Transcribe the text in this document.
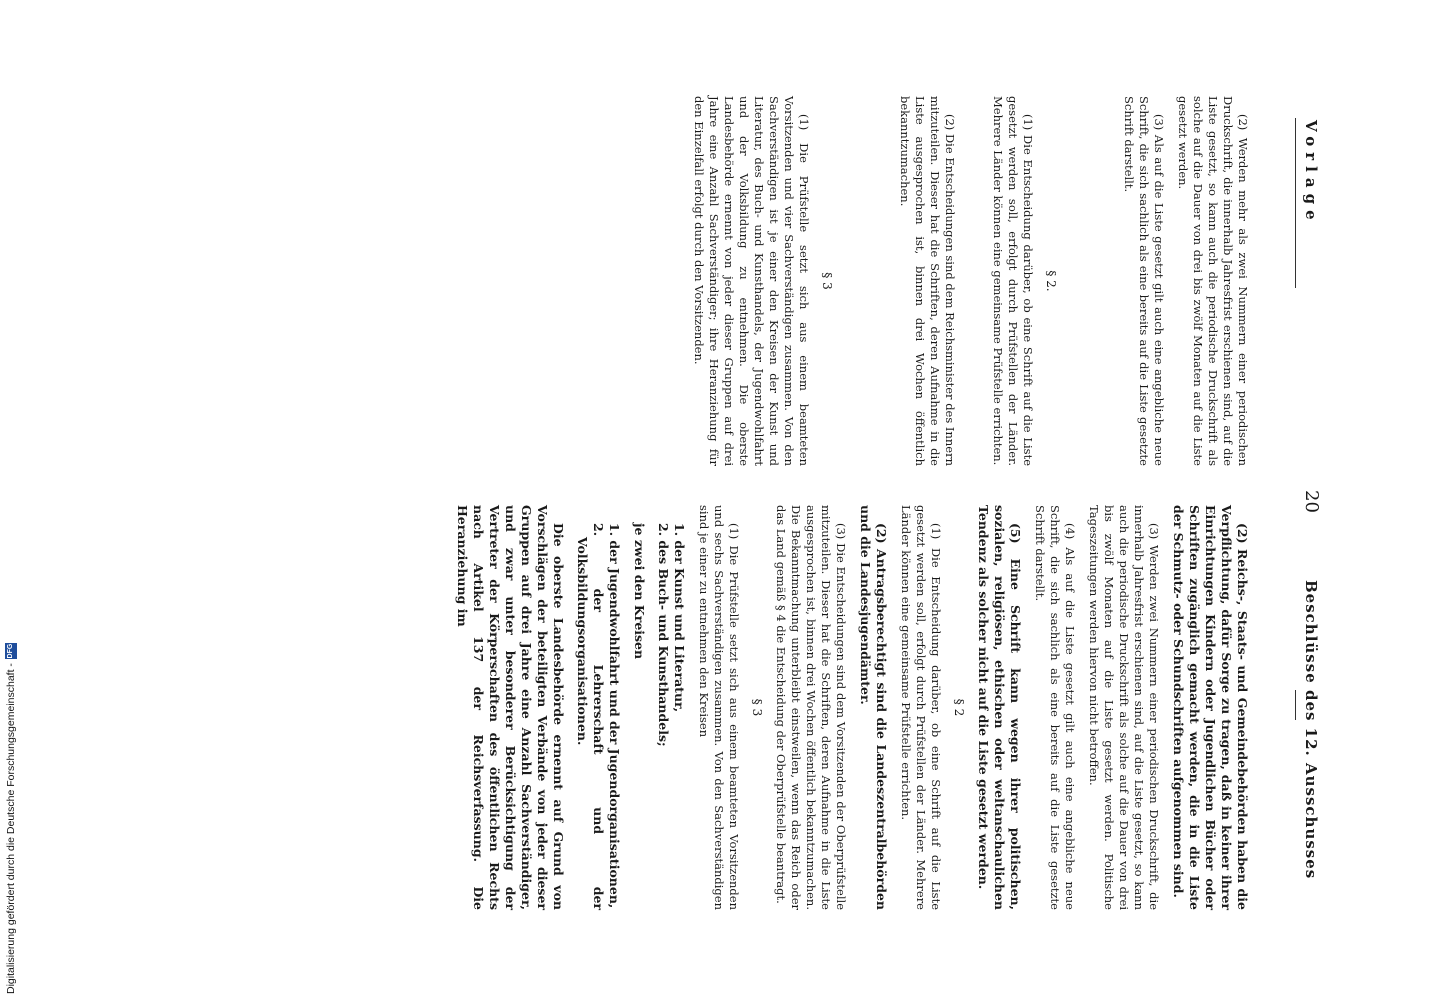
Vorlage
20
Beschlüsse des 12. Ausschusses

(2) Werden mehr als zwei Nummern einer periodischen Druckschrift, die innerhalb Jahresfrist erschienen sind, auf die Liste gesetzt, so kann auch die periodische Druckschrift als solche auf die Dauer von drei bis zwölf Monaten auf die Liste gesetzt werden.

(3) Als auf die Liste gesetzt gilt auch eine angebliche neue Schrift, die sich sachlich als eine bereits auf die Liste gesetzte Schrift darstellt.

§ 2.

(1) Die Entscheidung darüber, ob eine Schrift auf die Liste gesetzt werden soll, erfolgt durch Prüfstellen der Länder. Mehrere Länder können eine gemeinsame Prüfstelle errichten.

(2) Die Entscheidungen sind dem Reichsminister des Innern mitzuteilen. Dieser hat die Schriften, deren Aufnahme in die Liste ausgesprochen ist, binnen drei Wochen öffentlich bekanntzumachen.

§ 3

(1) Die Prüfstelle setzt sich aus einem beamteten Vorsitzenden und vier Sachverständigen zusammen. Von den Sachverständigen ist je einer den Kreisen der Kunst und Literatur, des Buch- und Kunsthandels, der Jugendwohlfahrt und der Volksbildung zu entnehmen. Die oberste Landesbehörde ernennt von jeder dieser Gruppen auf drei Jahre eine Anzahl Sachverständiger; ihre Heranziehung für den Einzelfall erfolgt durch den Vorsitzenden.

(2) Reichs-, Staats- und Gemeindebehörden haben die Verpflichtung, dafür Sorge zu tragen, daß in keiner ihrer Einrichtungen Kindern oder Jugendlichen Bücher oder Schriften zugänglich gemacht werden, die in die Liste der Schmutz- oder Schundschriften aufgenommen sind.

(3) Werden zwei Nummern einer periodischen Druckschrift, die innerhalb Jahresfrist erschienen sind, auf die Liste gesetzt, so kann auch die periodische Druckschrift als solche auf die Dauer von drei bis zwölf Monaten auf die Liste gesetzt werden. Politische Tageszeitungen werden hiervon nicht betroffen.

(4) Als auf die Liste gesetzt gilt auch eine angebliche neue Schrift, die sich sachlich als eine bereits auf die Liste gesetzte Schrift darstellt.

(5) Eine Schrift kann wegen ihrer politischen, sozialen, religiösen, ethischen oder weltanschaulichen Tendenz als solcher nicht auf die Liste gesetzt werden.

§ 2

(1) Die Entscheidung darüber, ob eine Schrift auf die Liste gesetzt werden soll, erfolgt durch Prüfstellen der Länder. Mehrere Länder können eine gemeinsame Prüfstelle errichten.

(2) Antragsberechtigt sind die Landeszentralbehörden und die Landesjugendämter.

(3) Die Entscheidungen sind dem Vorsitzenden der Oberprüfstelle mitzuteilen. Dieser hat die Schriften, deren Aufnahme in die Liste ausgesprochen ist, binnen drei Wochen öffentlich bekanntzumachen. Die Bekanntmachung unterbleibt einstweilen, wenn das Reich oder das Land gemäß § 4 die Entscheidung der Oberprüfstelle beantragt.

§ 3

(1) Die Prüfstelle setzt sich aus einem beamteten Vorsitzenden und sechs Sachverständigen zusammen. Von den Sachverständigen sind je einer zu entnehmen den Kreisen

1. der Kunst und Literatur,
2. des Buch- und Kunsthandels;

je zwei den Kreisen

1. der Jugendwohlfahrt und der Jugendorganisationen,
2. der Lehrerschaft und der Volksbildungsorganisationen.

Die oberste Landesbehörde ernennt auf Grund von Vorschlägen der beteiligten Verbände von jeder dieser Gruppen auf drei Jahre eine Anzahl Sachverständiger, und zwar unter besonderer Berücksichtigung der Vertreter der Körperschaften des öffentlichen Rechts nach Artikel 137 der Reichsverfassung. Die Heranziehung im

Digitalisierung gefördert durch die Deutsche Forschungsgemeinschaft -
DFG
